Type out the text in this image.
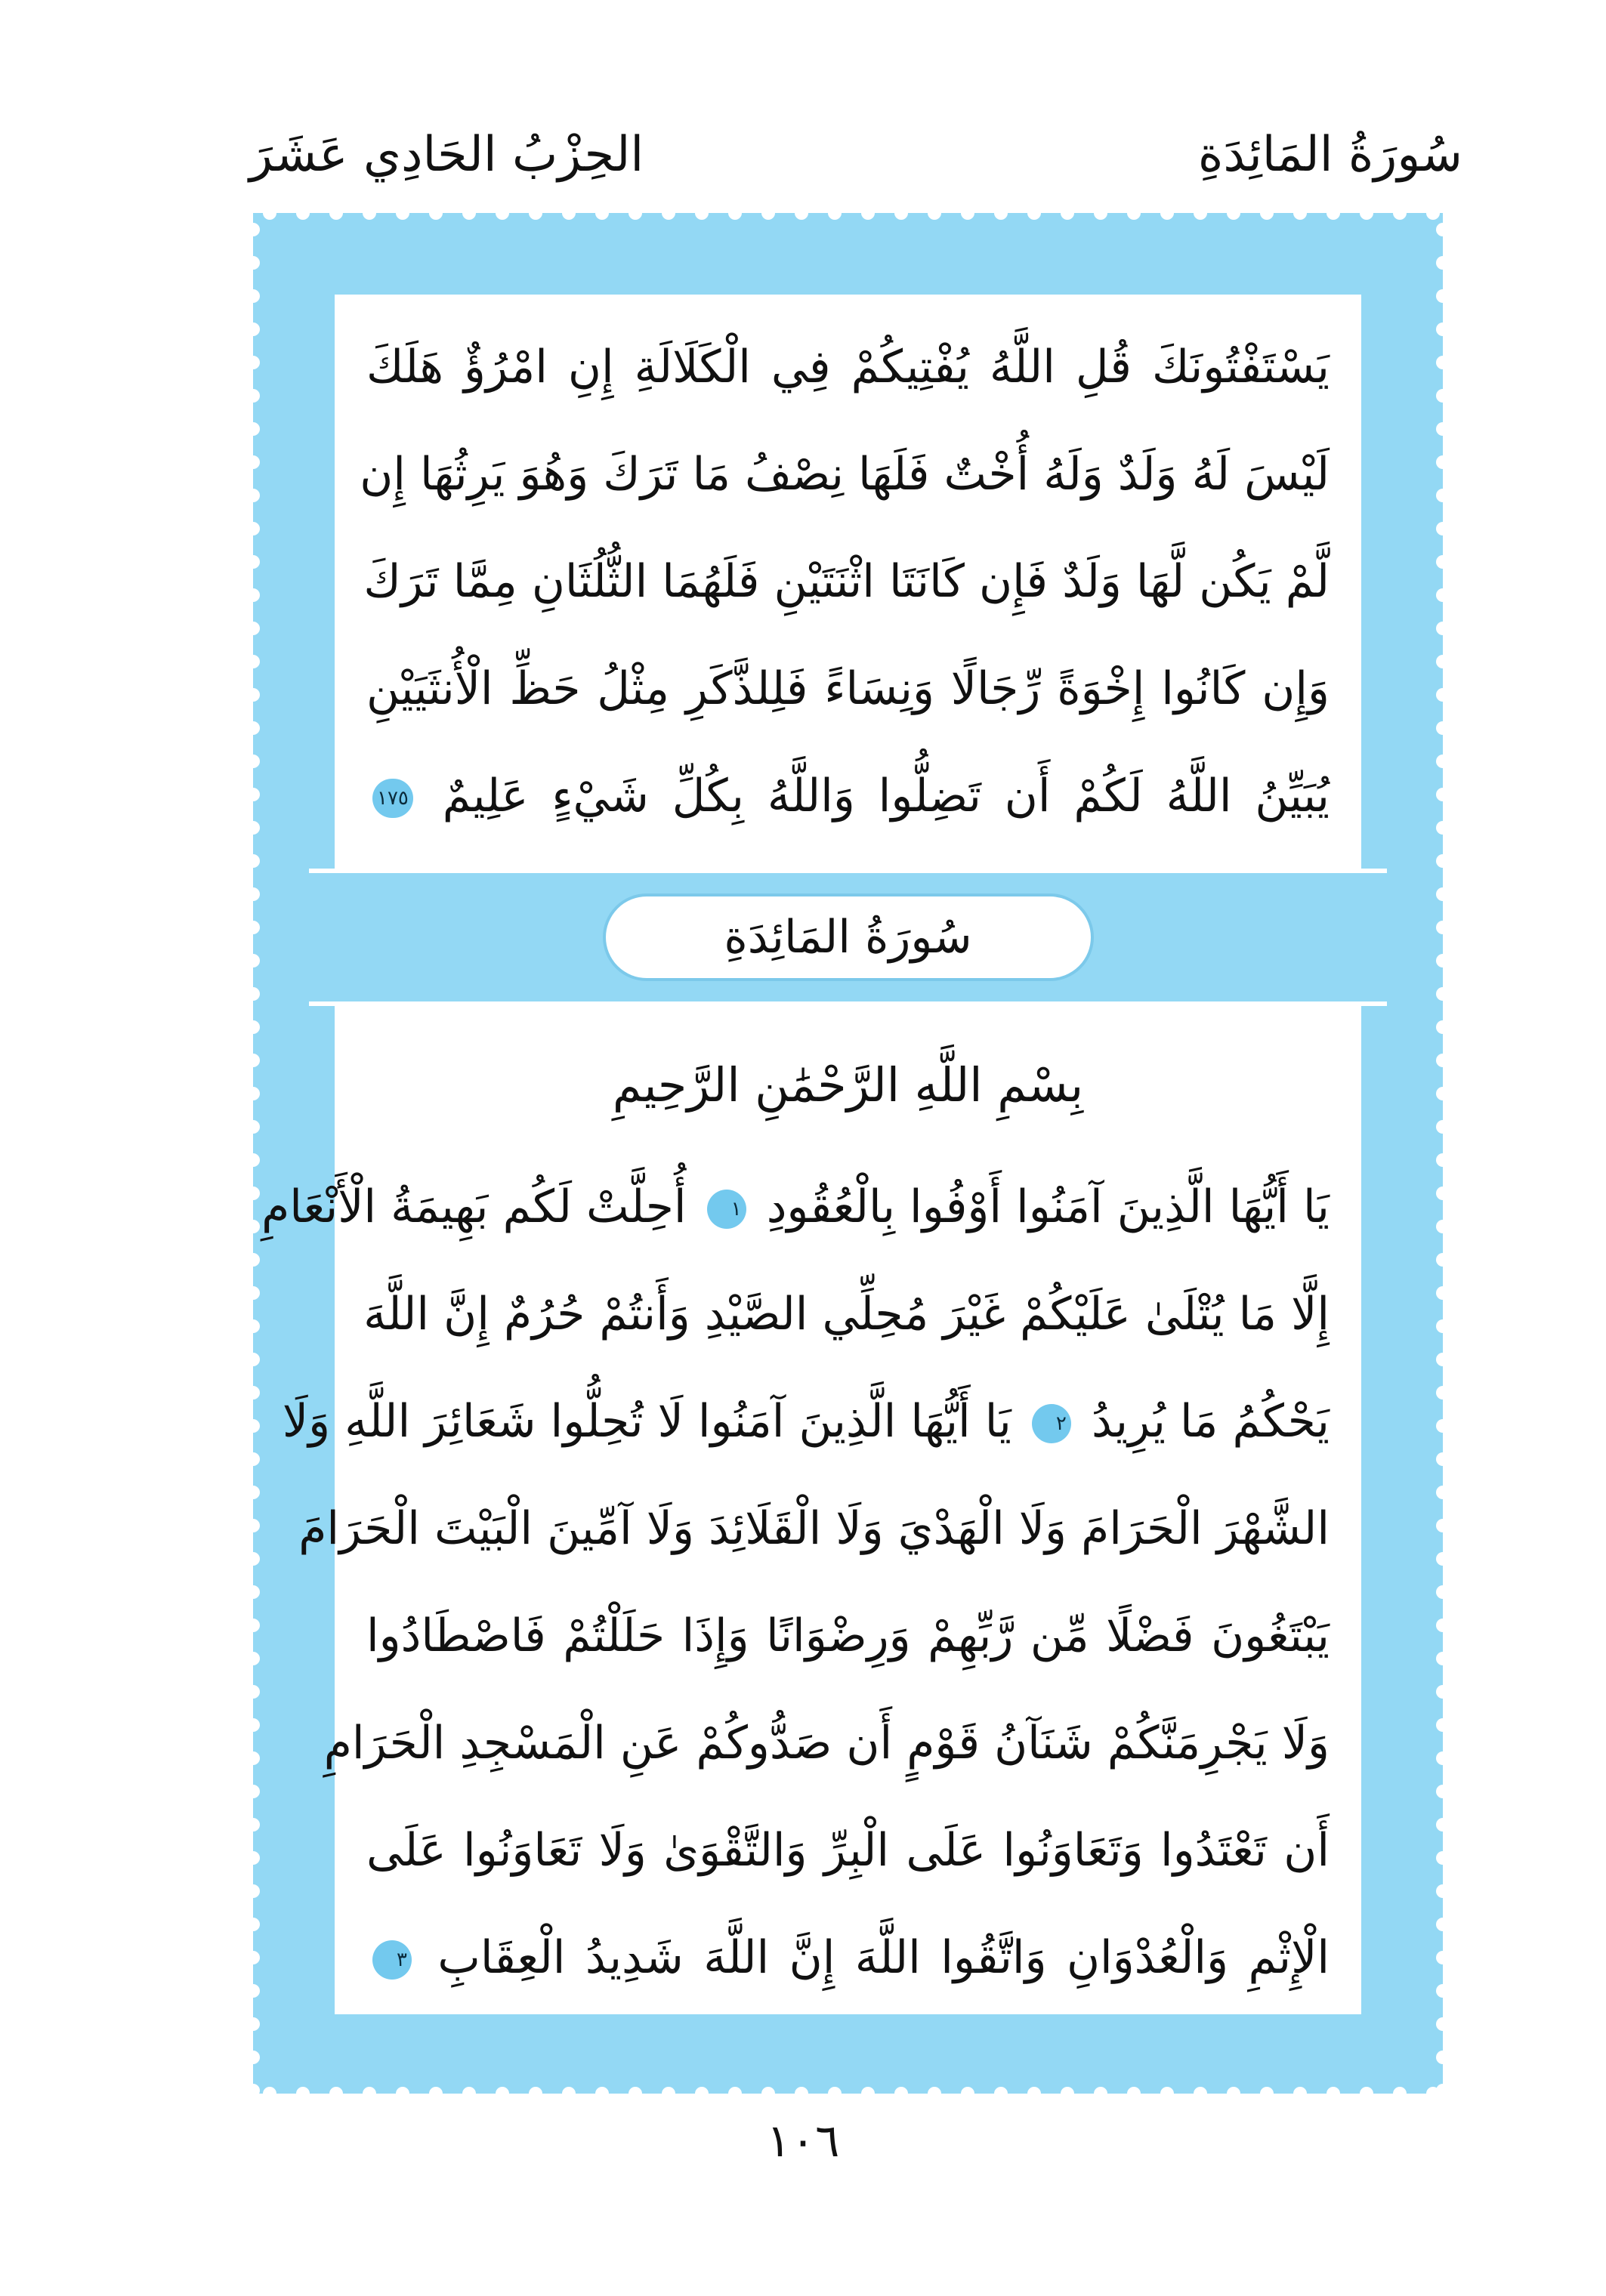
الحِزْبُ الحَادِي عَشَرَ	سُورَةُ المَائِدَةِ
يَسْتَفْتُونَكَ قُلِ اللَّهُ يُفْتِيكُمْ فِي الْكَلَالَةِ إِنِ امْرُؤٌ هَلَكَ
لَيْسَ لَهُ وَلَدٌ وَلَهُ أُخْتٌ فَلَهَا نِصْفُ مَا تَرَكَ وَهُوَ يَرِثُهَا إِن
لَّمْ يَكُن لَّهَا وَلَدٌ فَإِن كَانَتَا اثْنَتَيْنِ فَلَهُمَا الثُّلُثَانِ مِمَّا تَرَكَ
وَإِن كَانُوا إِخْوَةً رِّجَالًا وَنِسَاءً فَلِلذَّكَرِ مِثْلُ حَظِّ الْأُنثَيَيْنِ
يُبَيِّنُ اللَّهُ لَكُمْ أَن تَضِلُّوا وَاللَّهُ بِكُلِّ شَيْءٍ عَلِيمٌ ١٧٥
سُورَةُ المَائِدَةِ
بِسْمِ اللَّهِ الرَّحْمَٰنِ الرَّحِيمِ
يَا أَيُّهَا الَّذِينَ آمَنُوا أَوْفُوا بِالْعُقُودِ ١ أُحِلَّتْ لَكُم بَهِيمَةُ الْأَنْعَامِ
إِلَّا مَا يُتْلَىٰ عَلَيْكُمْ غَيْرَ مُحِلِّي الصَّيْدِ وَأَنتُمْ حُرُمٌ إِنَّ اللَّهَ
يَحْكُمُ مَا يُرِيدُ ٢ يَا أَيُّهَا الَّذِينَ آمَنُوا لَا تُحِلُّوا شَعَائِرَ اللَّهِ وَلَا
الشَّهْرَ الْحَرَامَ وَلَا الْهَدْيَ وَلَا الْقَلَائِدَ وَلَا آمِّينَ الْبَيْتَ الْحَرَامَ
يَبْتَغُونَ فَضْلًا مِّن رَّبِّهِمْ وَرِضْوَانًا وَإِذَا حَلَلْتُمْ فَاصْطَادُوا
وَلَا يَجْرِمَنَّكُمْ شَنَآنُ قَوْمٍ أَن صَدُّوكُمْ عَنِ الْمَسْجِدِ الْحَرَامِ
أَن تَعْتَدُوا وَتَعَاوَنُوا عَلَى الْبِرِّ وَالتَّقْوَىٰ وَلَا تَعَاوَنُوا عَلَى
الْإِثْمِ وَالْعُدْوَانِ وَاتَّقُوا اللَّهَ إِنَّ اللَّهَ شَدِيدُ الْعِقَابِ ٣
١٠٦
